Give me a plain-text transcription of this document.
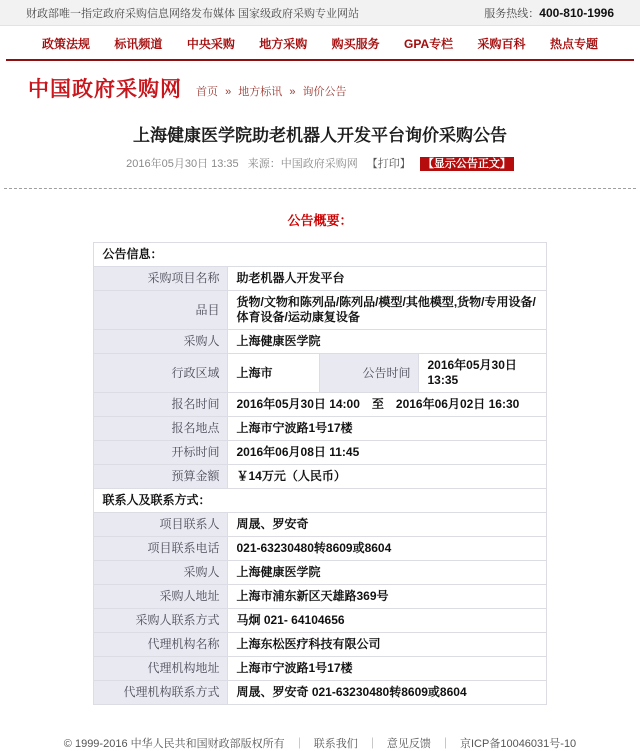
财政部唯一指定政府采购信息网络发布媒体 国家级政府采购专业网站	服务热线：400-810-1996
政策法规 标讯频道 中央采购 地方采购 购买服务 GPA专栏 采购百科 热点专题
中国政府采购网 首页 » 地方标讯 » 询价公告
上海健康医学院助老机器人开发平台询价采购公告
2016年05月30日 13:35 来源：中国政府采购网 【打印】 【显示公告正文】
公告概要：
公告信息：			
采购项目名称	助老机器人开发平台		
品目	货物/文物和陈列品/陈列品/模型/其他模型,货物/专用设备/体育设备/运动康复设备		
采购人	上海健康医学院		
行政区域	上海市	公告时间	2016年05月30日 13:35
报名时间	2016年05月30日 14:00　至　2016年06月02日 16:30		
报名地点	上海市宁波路1号17楼		
开标时间	2016年06月08日 11:45		
预算金额	￥14万元（人民币）		
联系人及联系方式：			
项目联系人	周晟、罗安奇		
项目联系电话	021-63230480转8609或8604		
采购人	上海健康医学院		
采购人地址	上海市浦东新区天雄路369号		
采购人联系方式	马炯 021- 64104656		
代理机构名称	上海东松医疗科技有限公司		
代理机构地址	上海市宁波路1号17楼		
代理机构联系方式	周晟、罗安奇 021-63230480转8609或8604		
© 1999-2016 中华人民共和国财政部版权所有 ｜ 联系我们 ｜ 意见反馈 ｜ 京ICP备10046031号-10
